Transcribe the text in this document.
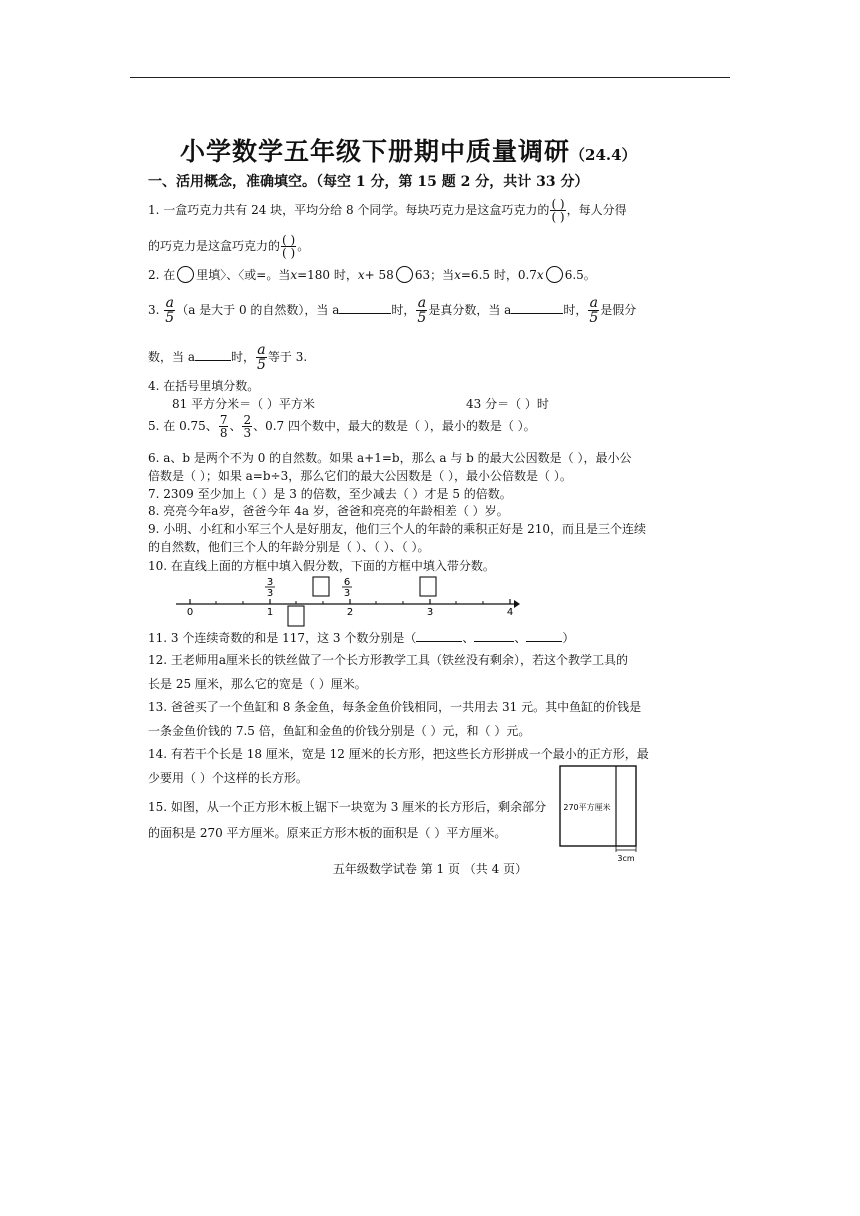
小学数学五年级下册期中质量调研（24.4）
一、活用概念，准确填空。（每空 1 分，第 15 题 2 分，共计 33 分）
1. 一盒巧克力共有 24 块，平均分给 8 个同学。每块巧克力是这盒巧克力的 $\frac{( )}{( )}$ ，每人分得
的巧克力是这盒巧克力的 $\frac{( )}{( )}$ 。
2. 在 里填〉、〈或=。当x=180 时，x+ 58 63；当x=6.5 时，0.7x 6.5。
3. $\frac{a}{5} (a$ 是大于 0 的自然数），当 a	时， $\frac{a}{5}$ 是真分数，当 a	时， $\frac{a}{5}$ 是假分
数，当 a	时， $\frac{a}{5}$ 等于 3.
4. 在括号里填分数。
81 平方分米＝（ ）平方米	43 分＝（ ）时
5. 在 0.75、 $\frac{7}{8}$ 、 $\frac{2}{3}$ 、0.7 四个数中，最大的数是（ ），最小的数是（ ）。
6. a、b 是两个不为 0 的自然数。如果 a+1=b，那么 a 与 b 的最大公因数是（ ），最小公
倍数是（ ）；如果 a=b÷3，那么它们的最大公因数是（ ），最小公倍数是（ ）。
7. 2309 至少加上（ ）是 3 的倍数，至少减去（ ）才是 5 的倍数。
8. 亮亮今年a岁，爸爸今年 4a 岁，爸爸和亮亮的年龄相差（ ）岁。
9. 小明、小红和小军三个人是好朋友，他们三个人的年龄的乘积正好是 210，而且是三个连续
的自然数，他们三个人的年龄分别是（ ）、（ ）、（ ）。
10. 在直线上面的方框中填入假分数，下面的方框中填入带分数。
0	1	2	3	4
3
3
6
3
11. 3 个连续奇数的和是 117，这 3 个数分别是（	、	、	）
12. 王老师用a厘米长的铁丝做了一个长方形教学工具（铁丝没有剩余），若这个教学工具的
长是 25 厘米，那么它的宽是（ ）厘米。
13. 爸爸买了一个鱼缸和 8 条金鱼，每条金鱼价钱相同，一共用去 31 元。其中鱼缸的价钱是
一条金鱼价钱的 7.5 倍，鱼缸和金鱼的价钱分别是（ ）元，和（ ）元。
14. 有若干个长是 18 厘米，宽是 12 厘米的长方形，把这些长方形拼成一个最小的正方形，最
少要用（ ）个这样的长方形。
15. 如图，从一个正方形木板上锯下一块宽为 3 厘米的长方形后，剩余部分
的面积是 270 平方厘米。原来正方形木板的面积是（ ）平方厘米。
270平方厘米
3cm
五年级数学试卷 第 1 页 （共 4 页）
